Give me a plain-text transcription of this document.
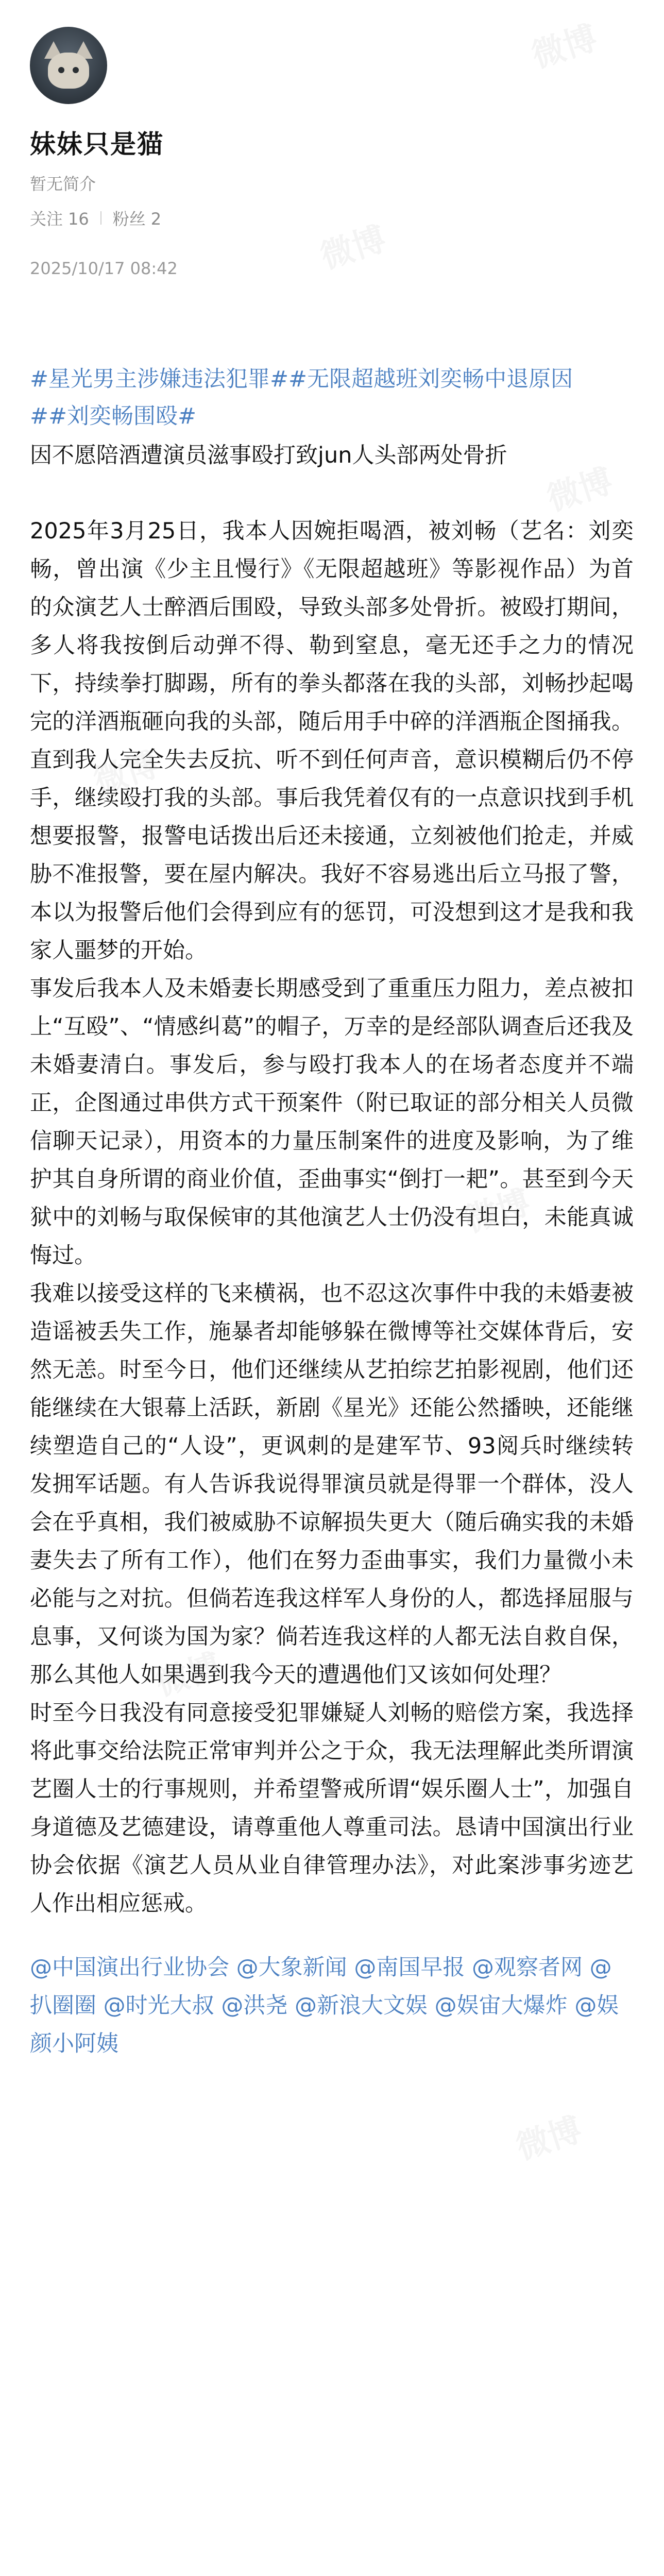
妹妹只是猫
暂无简介
关注 16 粉丝 2
2025/10/17 08:42
#星光男主涉嫌违法犯罪##无限超越班刘奕畅中退原因
##刘奕畅围殴#
因不愿陪酒遭演员滋事殴打致jun人头部两处骨折

2025年3月25日，我本人因婉拒喝酒，被刘畅（艺名：刘奕畅，曾出演《少主且慢行》《无限超越班》等影视作品）为首的众演艺人士醉酒后围殴，导致头部多处骨折。被殴打期间，多人将我按倒后动弹不得、勒到窒息，毫无还手之力的情况下，持续拳打脚踢，所有的拳头都落在我的头部，刘畅抄起喝完的洋酒瓶砸向我的头部，随后用手中碎的洋酒瓶企图捅我。直到我人完全失去反抗、听不到任何声音，意识模糊后仍不停手，继续殴打我的头部。事后我凭着仅有的一点意识找到手机想要报警，报警电话拨出后还未接通，立刻被他们抢走，并威胁不准报警，要在屋内解决。我好不容易逃出后立马报了警，本以为报警后他们会得到应有的惩罚，可没想到这才是我和我家人噩梦的开始。

事发后我本人及未婚妻长期感受到了重重压力阻力，差点被扣上“互殴”、“情感纠葛”的帽子，万幸的是经部队调查后还我及未婚妻清白。事发后，参与殴打我本人的在场者态度并不端正，企图通过串供方式干预案件（附已取证的部分相关人员微信聊天记录），用资本的力量压制案件的进度及影响，为了维护其自身所谓的商业价值，歪曲事实“倒打一耙”。甚至到今天狱中的刘畅与取保候审的其他演艺人士仍没有坦白，未能真诚悔过。

我难以接受这样的飞来横祸，也不忍这次事件中我的未婚妻被造谣被丢失工作，施暴者却能够躲在微博等社交媒体背后，安然无恙。时至今日，他们还继续从艺拍综艺拍影视剧，他们还能继续在大银幕上活跃，新剧《星光》还能公然播映，还能继续塑造自己的“人设”，更讽刺的是建军节、93阅兵时继续转发拥军话题。有人告诉我说得罪演员就是得罪一个群体，没人会在乎真相，我们被威胁不谅解损失更大（随后确实我的未婚妻失去了所有工作），他们在努力歪曲事实，我们力量微小未必能与之对抗。但倘若连我这样军人身份的人，都选择屈服与息事，又何谈为国为家？倘若连我这样的人都无法自救自保，那么其他人如果遇到我今天的遭遇他们又该如何处理？

时至今日我没有同意接受犯罪嫌疑人刘畅的赔偿方案，我选择将此事交给法院正常审判并公之于众，我无法理解此类所谓演艺圈人士的行事规则，并希望警戒所谓“娱乐圈人士”，加强自身道德及艺德建设，请尊重他人尊重司法。恳请中国演出行业协会依据《演艺人员从业自律管理办法》，对此案涉事劣迹艺人作出相应惩戒。

@中国演出行业协会 @大象新闻 @南国早报 @观察者网 @扒圈圈 @时光大叔 @洪尧 @新浪大文娱 @娱宙大爆炸 @娱颜小阿姨
